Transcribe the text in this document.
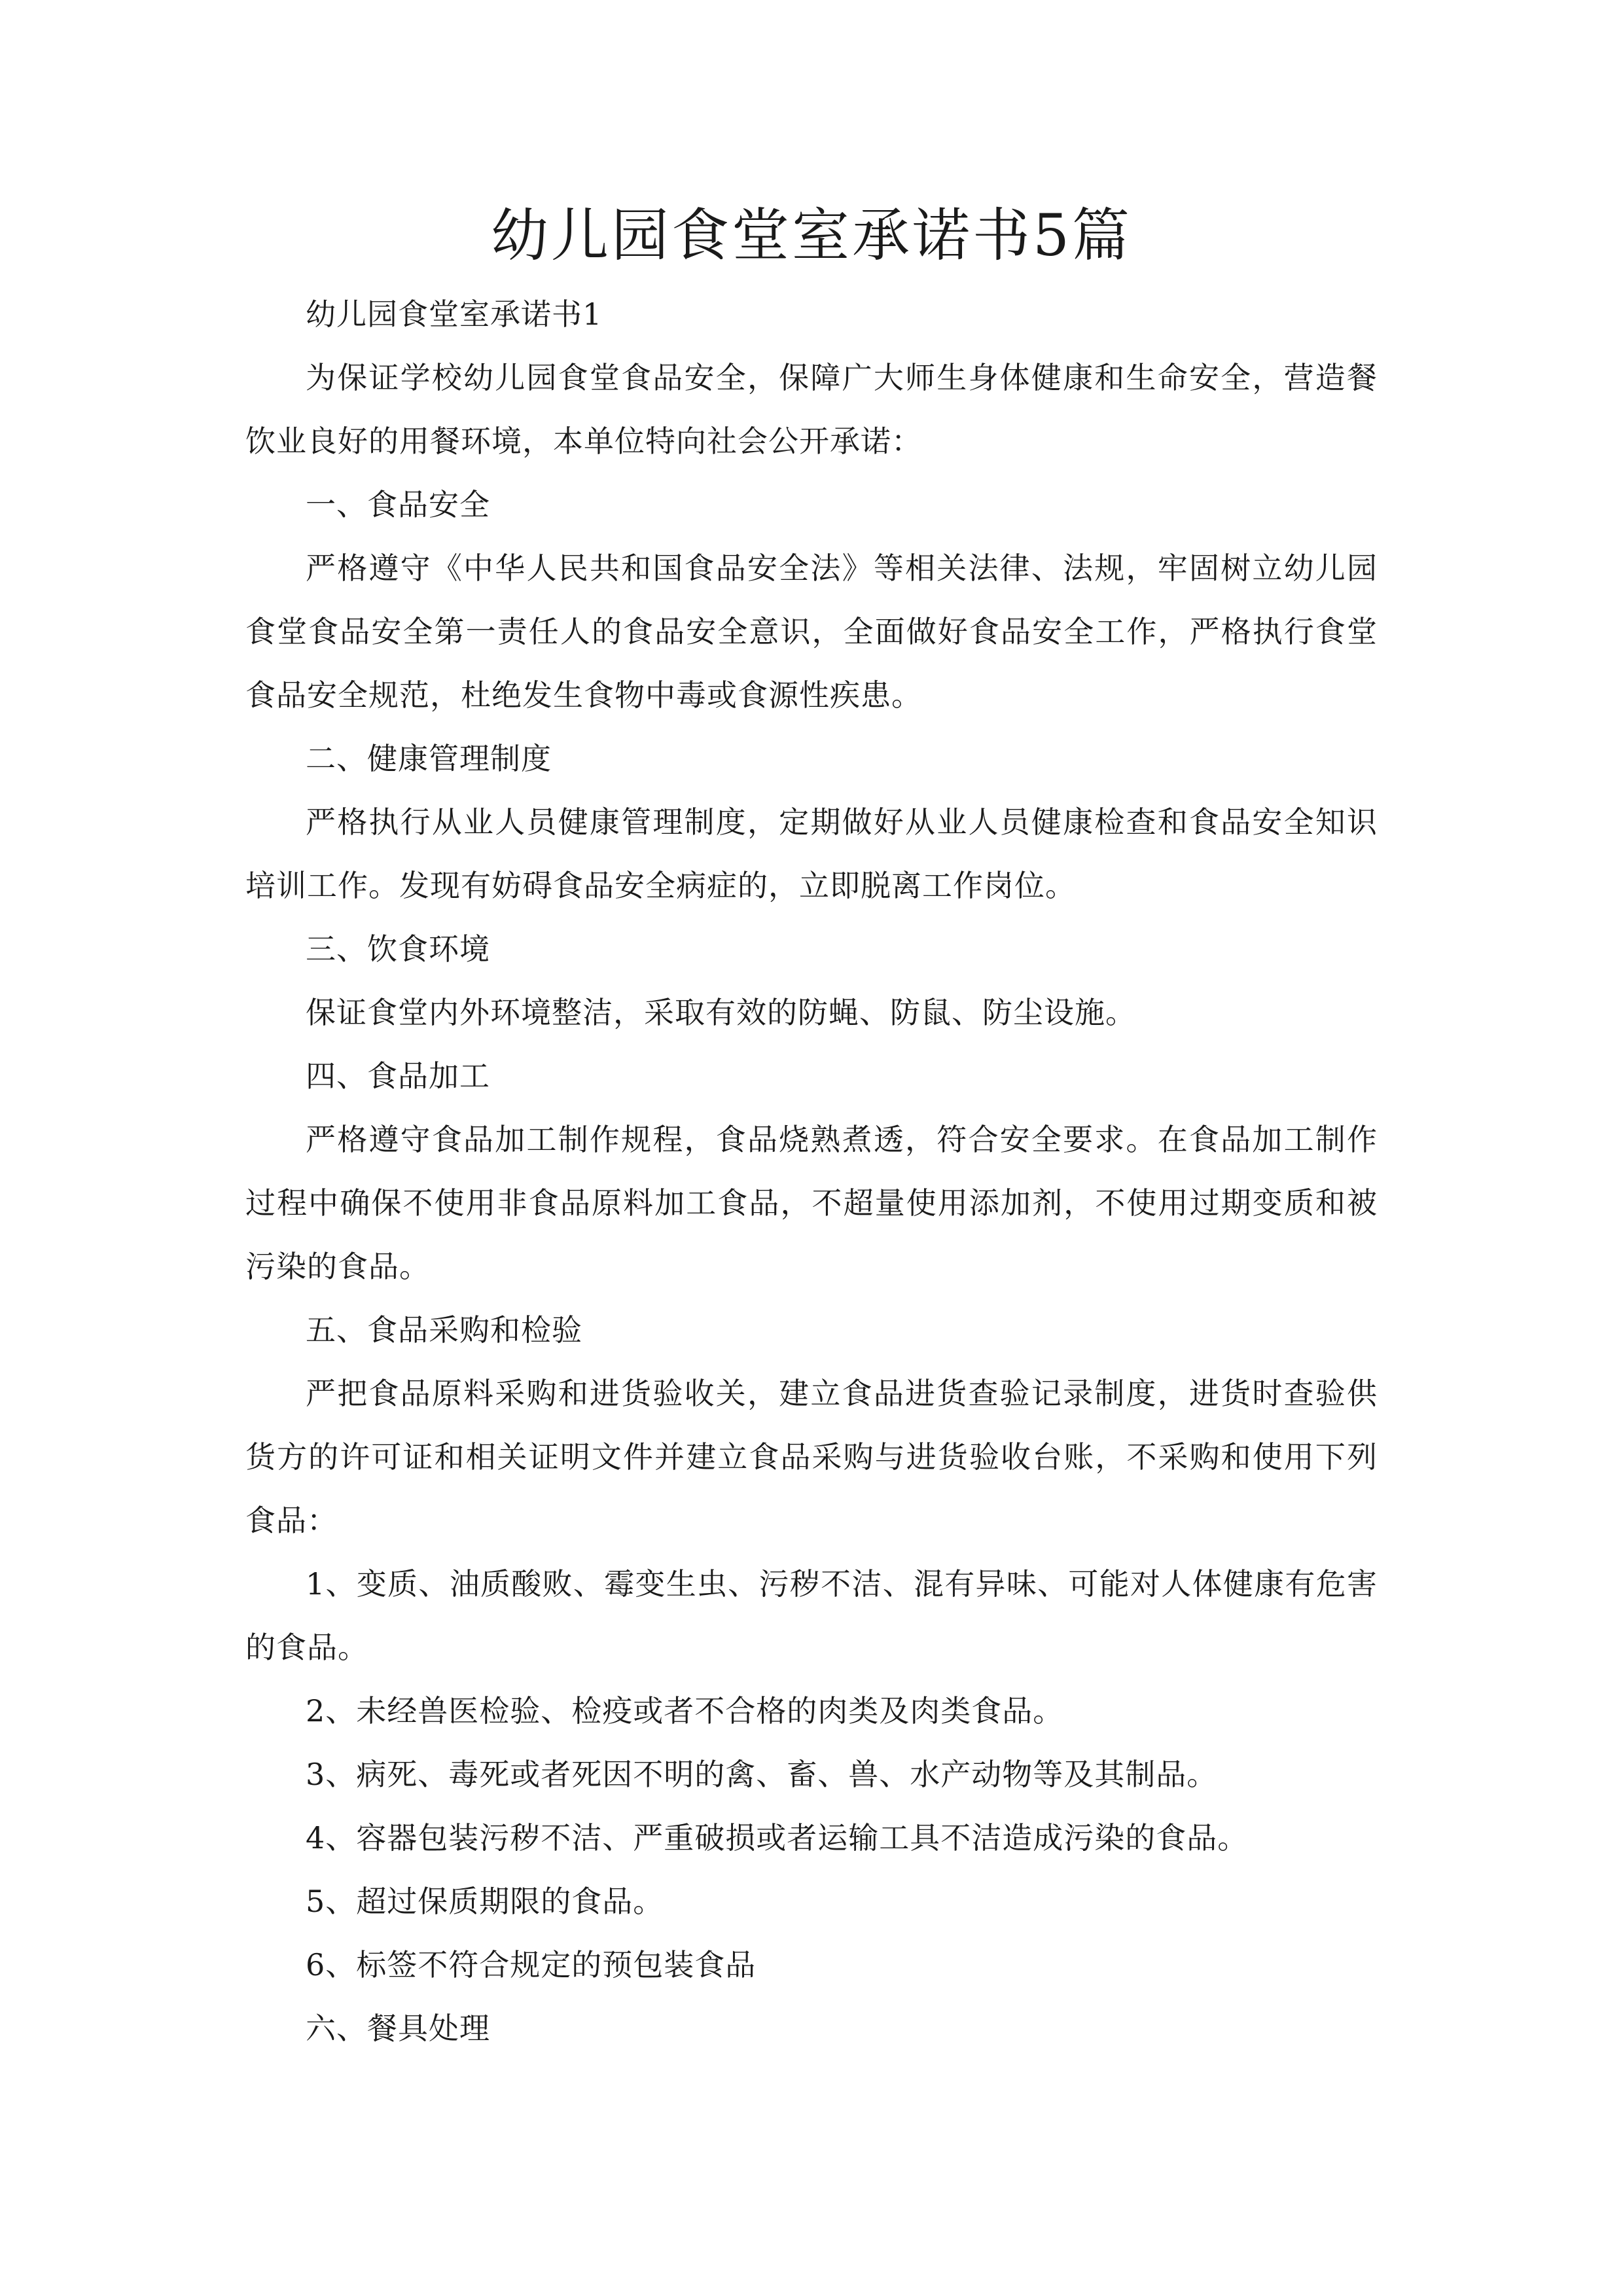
幼儿园食堂室承诺书5篇

幼儿园食堂室承诺书1

为保证学校幼儿园食堂食品安全，保障广大师生身体健康和生命安全，营造餐饮业良好的用餐环境，本单位特向社会公开承诺：

一、食品安全

严格遵守《中华人民共和国食品安全法》等相关法律、法规，牢固树立幼儿园食堂食品安全第一责任人的食品安全意识，全面做好食品安全工作，严格执行食堂食品安全规范，杜绝发生食物中毒或食源性疾患。

二、健康管理制度

严格执行从业人员健康管理制度，定期做好从业人员健康检查和食品安全知识培训工作。发现有妨碍食品安全病症的，立即脱离工作岗位。

三、饮食环境

保证食堂内外环境整洁，采取有效的防蝇、防鼠、防尘设施。

四、食品加工

严格遵守食品加工制作规程，食品烧熟煮透，符合安全要求。在食品加工制作过程中确保不使用非食品原料加工食品，不超量使用添加剂，不使用过期变质和被污染的食品。

五、食品采购和检验

严把食品原料采购和进货验收关，建立食品进货查验记录制度，进货时查验供货方的许可证和相关证明文件并建立食品采购与进货验收台账，不采购和使用下列食品：

1、变质、油质酸败、霉变生虫、污秽不洁、混有异味、可能对人体健康有危害的食品。

2、未经兽医检验、检疫或者不合格的肉类及肉类食品。

3、病死、毒死或者死因不明的禽、畜、兽、水产动物等及其制品。

4、容器包装污秽不洁、严重破损或者运输工具不洁造成污染的食品。

5、超过保质期限的食品。

6、标签不符合规定的预包装食品

六、餐具处理
